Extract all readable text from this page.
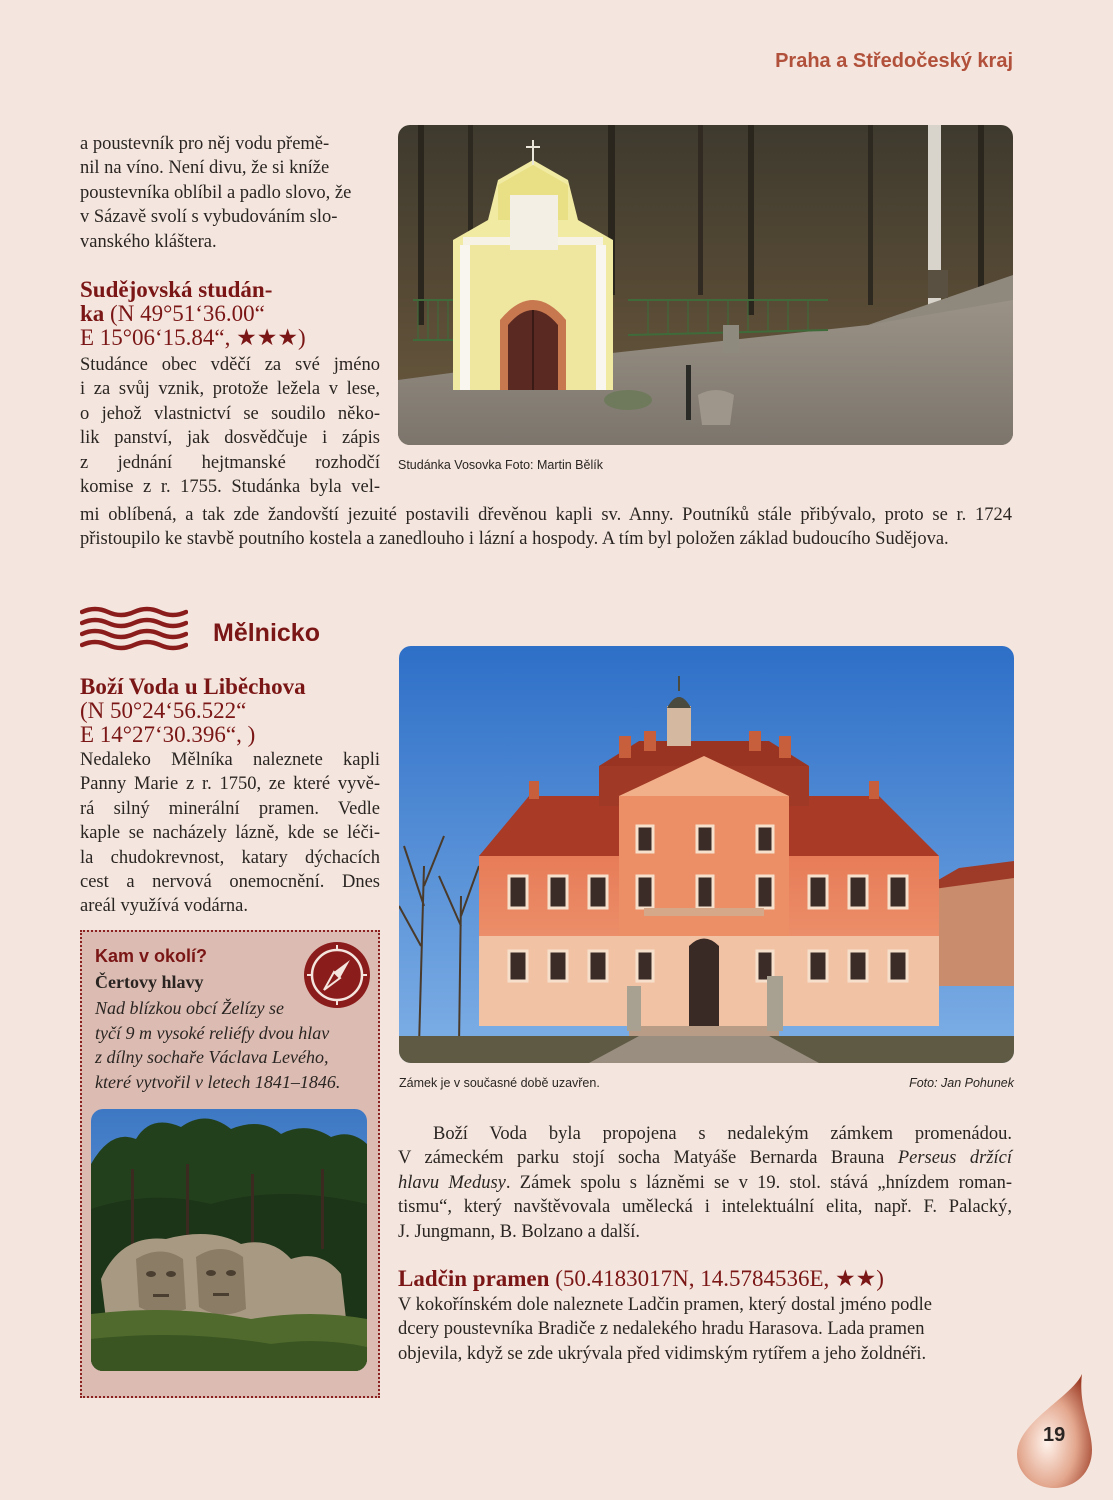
Praha a Středočeský kraj
a poustevník pro něj vodu přemě-
nil na víno. Není divu, že si kníže
poustevníka oblíbil a padlo slovo, že
v Sázavě svolí s vybudováním slo-
vanského kláštera.
Sudějovská studán-
ka (N 49°51‘36.00“
E 15°06‘15.84“, ★★★)
Studánce obec vděčí za své jméno
i za svůj vznik, protože ležela v lese,
o jehož vlastnictví se soudilo něko-
lik panství, jak dosvědčuje i zápis
z jednání hejtmanské rozhodčí
komise z r. 1755. Studánka byla vel-
mi oblíbená, a tak zde žandovští jezuité postavili dřevěnou kapli sv. Anny. Poutníků stále přibývalo, proto se r. 1724 přistoupilo ke stavbě poutního kostela a zanedlouho i lázní a hospody. A tím byl položen základ budoucího Sudějova.
Studánka Vosovka Foto: Martin Bělík
Mělnicko
Boží Voda u Liběchova
(N 50°24‘56.522“
E 14°27‘30.396“, )
Nedaleko Mělníka naleznete kapli
Panny Marie z r. 1750, ze které vyvě-
rá silný minerální pramen. Vedle
kaple se nacházely lázně, kde se léči-
la chudokrevnost, katary dýchacích
cest a nervová onemocnění. Dnes
areál využívá vodárna.
Kam v okolí?
Čertovy hlavy
Nad blízkou obcí Želízy se
tyčí 9 m vysoké reliéfy dvou hlav
z dílny sochaře Václava Levého,
které vytvořil v letech 1841–1846.	Zámek je v současné době uzavřen.	Foto: Jan Pohunek
Boží Voda byla propojena s nedalekým zámkem promenádou.
V zámeckém parku stojí socha Matyáše Bernarda Brauna Perseus držící
hlavu Medusy. Zámek spolu s lázněmi se v 19. stol. stává „hnízdem roman-
tismu“, který navštěvovala umělecká i intelektuální elita, např. F. Palacký,
J. Jungmann, B. Bolzano a další.
Ladčin pramen (50.4183017N, 14.5784536E, ★★)
V kokořínském dole naleznete Ladčin pramen, který dostal jméno podle
dcery poustevníka Bradiče z nedalekého hradu Harasova. Lada pramen
objevila, když se zde ukrývala před vidimským rytířem a jeho žoldnéři.
19
